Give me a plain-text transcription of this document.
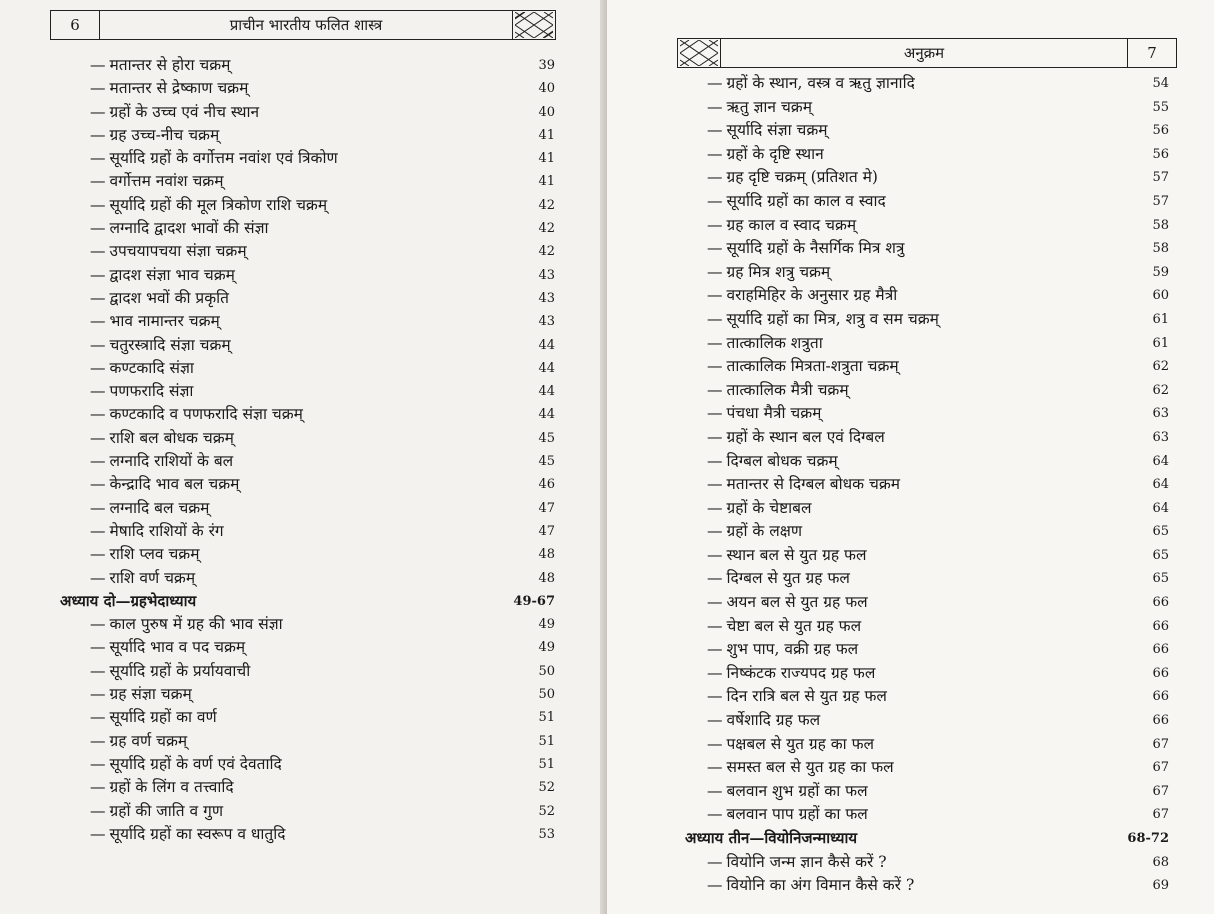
6	प्राचीन भारतीय फलित शास्त्र
— मतान्तर से होरा चक्रम्	39
— मतान्तर से द्रेष्काण चक्रम्	40
— ग्रहों के उच्च एवं नीच स्थान	40
— ग्रह उच्च-नीच चक्रम्	41
— सूर्यादि ग्रहों के वर्गोत्तम नवांश एवं त्रिकोण	41
— वर्गोत्तम नवांश चक्रम्	41
— सूर्यादि ग्रहों की मूल त्रिकोण राशि चक्रम्	42
— लग्नादि द्वादश भावों की संज्ञा	42
— उपचयापचया संज्ञा चक्रम्	42
— द्वादश संज्ञा भाव चक्रम्	43
— द्वादश भवों की प्रकृति	43
— भाव नामान्तर चक्रम्	43
— चतुरस्त्रादि संज्ञा चक्रम्	44
— कण्टकादि संज्ञा	44
— पणफरादि संज्ञा	44
— कण्टकादि व पणफरादि संज्ञा चक्रम्	44
— राशि बल बोधक चक्रम्	45
— लग्नादि राशियों के बल	45
— केन्द्रादि भाव बल चक्रम्	46
— लग्नादि बल चक्रम्	47
— मेषादि राशियों के रंग	47
— राशि प्लव चक्रम्	48
— राशि वर्ण चक्रम्	48
अध्याय दो—ग्रहभेदाध्याय	49-67
— काल पुरुष में ग्रह की भाव संज्ञा	49
— सूर्यादि भाव व पद चक्रम्	49
— सूर्यादि ग्रहों के प्रर्यायवाची	50
— ग्रह संज्ञा चक्रम्	50
— सूर्यादि ग्रहों का वर्ण	51
— ग्रह वर्ण चक्रम्	51
— सूर्यादि ग्रहों के वर्ण एवं देवतादि	51
— ग्रहों के लिंग व तत्त्वादि	52
— ग्रहों की जाति व गुण	52
— सूर्यादि ग्रहों का स्वरूप व धातुदि	53
अनुक्रम	7
— ग्रहों के स्थान, वस्त्र व ऋतु ज्ञानादि	54
— ऋतु ज्ञान चक्रम्	55
— सूर्यादि संज्ञा चक्रम्	56
— ग्रहों के दृष्टि स्थान	56
— ग्रह दृष्टि चक्रम् (प्रतिशत मे)	57
— सूर्यादि ग्रहों का काल व स्वाद	57
— ग्रह काल व स्वाद चक्रम्	58
— सूर्यादि ग्रहों के नैसर्गिक मित्र शत्रु	58
— ग्रह मित्र शत्रु चक्रम्	59
— वराहमिहिर के अनुसार ग्रह मैत्री	60
— सूर्यादि ग्रहों का मित्र, शत्रु व सम चक्रम्	61
— तात्कालिक शत्रुता	61
— तात्कालिक मित्रता-शत्रुता चक्रम्	62
— तात्कालिक मैत्री चक्रम्	62
— पंचधा मैत्री चक्रम्	63
— ग्रहों के स्थान बल एवं दिग्बल	63
— दिग्बल बोधक चक्रम्	64
— मतान्तर से दिग्बल बोधक चक्रम	64
— ग्रहों के चेष्टाबल	64
— ग्रहों के लक्षण	65
— स्थान बल से युत ग्रह फल	65
— दिग्बल से युत ग्रह फल	65
— अयन बल से युत ग्रह फल	66
— चेष्टा बल से युत ग्रह फल	66
— शुभ पाप, वक्री ग्रह फल	66
— निष्कंटक राज्यपद ग्रह फल	66
— दिन रात्रि बल से युत ग्रह फल	66
— वर्षेशादि ग्रह फल	66
— पक्षबल से युत ग्रह का फल	67
— समस्त बल से युत ग्रह का फल	67
— बलवान शुभ ग्रहों का फल	67
— बलवान पाप ग्रहों का फल	67
अध्याय तीन—वियोनिजन्माध्याय	68-72
— वियोनि जन्म ज्ञान कैसे करें ?	68
— वियोनि का अंग विमान कैसे करें ?	69
